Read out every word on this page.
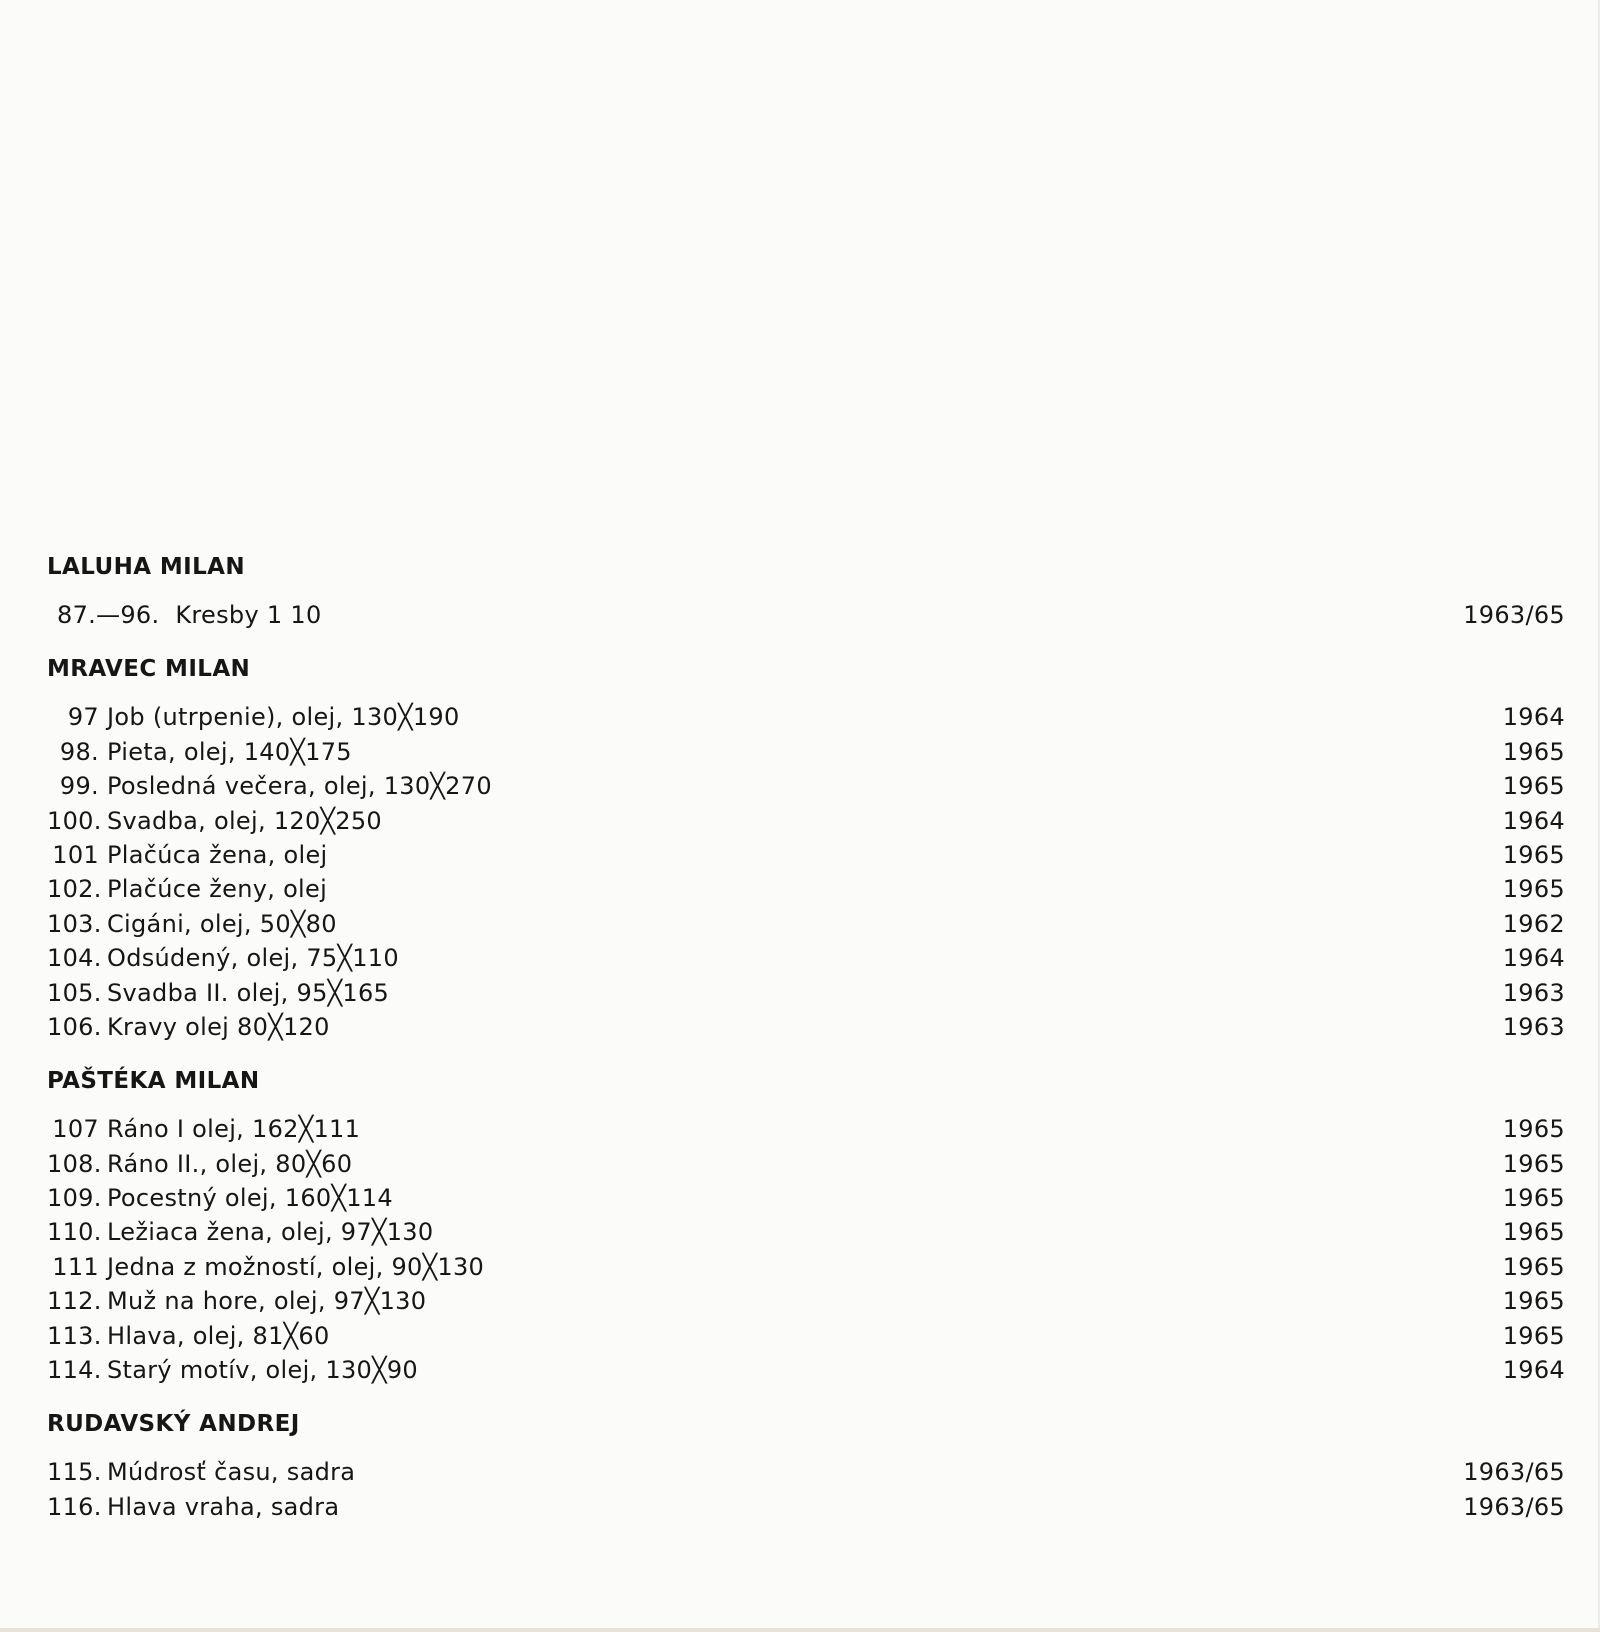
LALUHA MILAN
87.—96. Kresby 1 10	1963/65
MRAVEC MILAN
97 Job (utrpenie), olej, 130╳190	1964
98. Pieta, olej, 140╳175	1965
99. Posledná večera, olej, 130╳270	1965
100. Svadba, olej, 120╳250	1964
101 Plačúca žena, olej	1965
102. Plačúce ženy, olej	1965
103. Cigáni, olej, 50╳80	1962
104. Odsúdený, olej, 75╳110	1964
105. Svadba II. olej, 95╳165	1963
106. Kravy olej 80╳120	1963
PAŠTÉKA MILAN
107 Ráno I olej, 162╳111	1965
108. Ráno II., olej, 80╳60	1965
109. Pocestný olej, 160╳114	1965
110. Ležiaca žena, olej, 97╳130	1965
111 Jedna z možností, olej, 90╳130	1965
112. Muž na hore, olej, 97╳130	1965
113. Hlava, olej, 81╳60	1965
114. Starý motív, olej, 130╳90	1964
RUDAVSKÝ ANDREJ
115. Múdrosť času, sadra	1963/65
116. Hlava vraha, sadra	1963/65
